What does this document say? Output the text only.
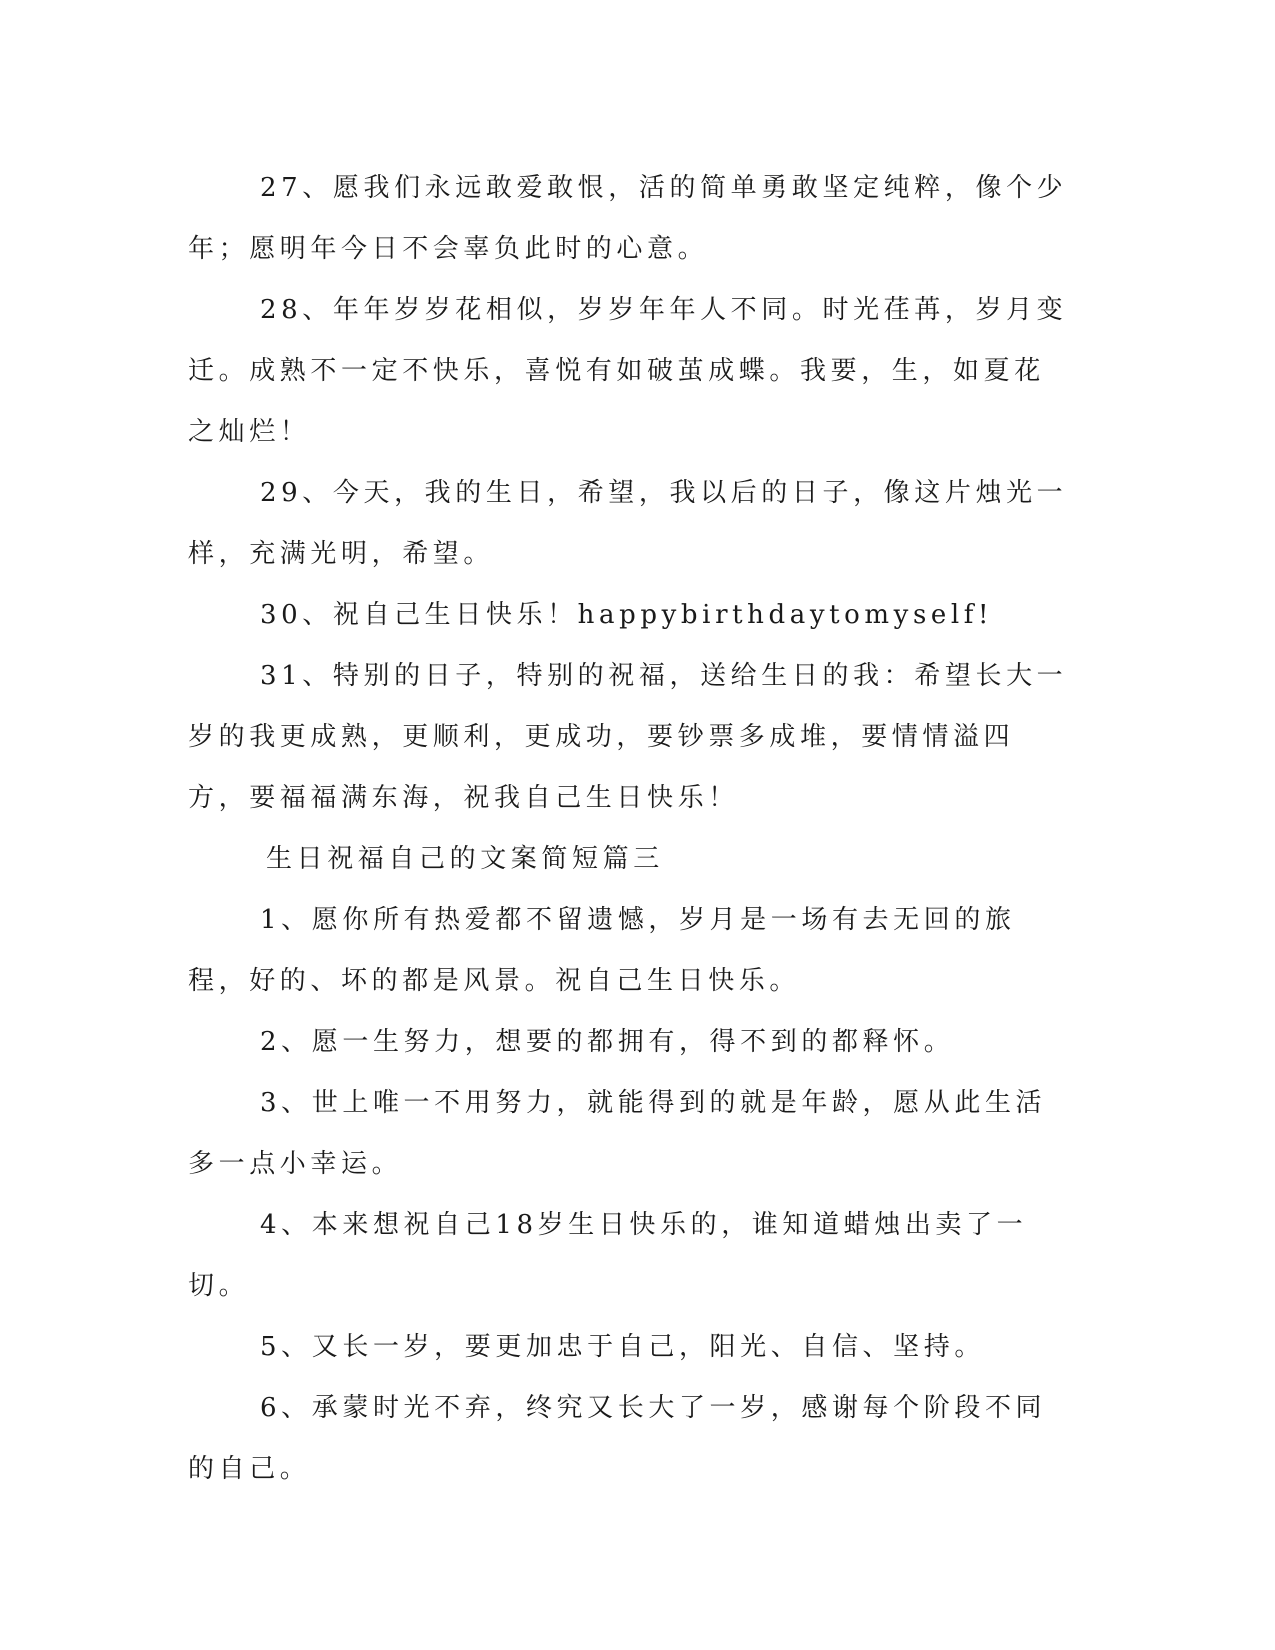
27、愿我们永远敢爱敢恨，活的简单勇敢坚定纯粹，像个少年；愿明年今日不会辜负此时的心意。

28、年年岁岁花相似，岁岁年年人不同。时光荏苒，岁月变迁。成熟不一定不快乐，喜悦有如破茧成蝶。我要，生，如夏花之灿烂！

29、今天，我的生日，希望，我以后的日子，像这片烛光一样，充满光明，希望。

30、祝自己生日快乐！happybirthdaytomyself!

31、特别的日子，特别的祝福，送给生日的我：希望长大一岁的我更成熟，更顺利，更成功，要钞票多成堆，要情情溢四方，要福福满东海，祝我自己生日快乐！

生日祝福自己的文案简短篇三

1、愿你所有热爱都不留遗憾，岁月是一场有去无回的旅程，好的、坏的都是风景。祝自己生日快乐。

2、愿一生努力，想要的都拥有，得不到的都释怀。

3、世上唯一不用努力，就能得到的就是年龄，愿从此生活多一点小幸运。

4、本来想祝自己18岁生日快乐的，谁知道蜡烛出卖了一切。

5、又长一岁，要更加忠于自己，阳光、自信、坚持。

6、承蒙时光不弃，终究又长大了一岁，感谢每个阶段不同的自己。
